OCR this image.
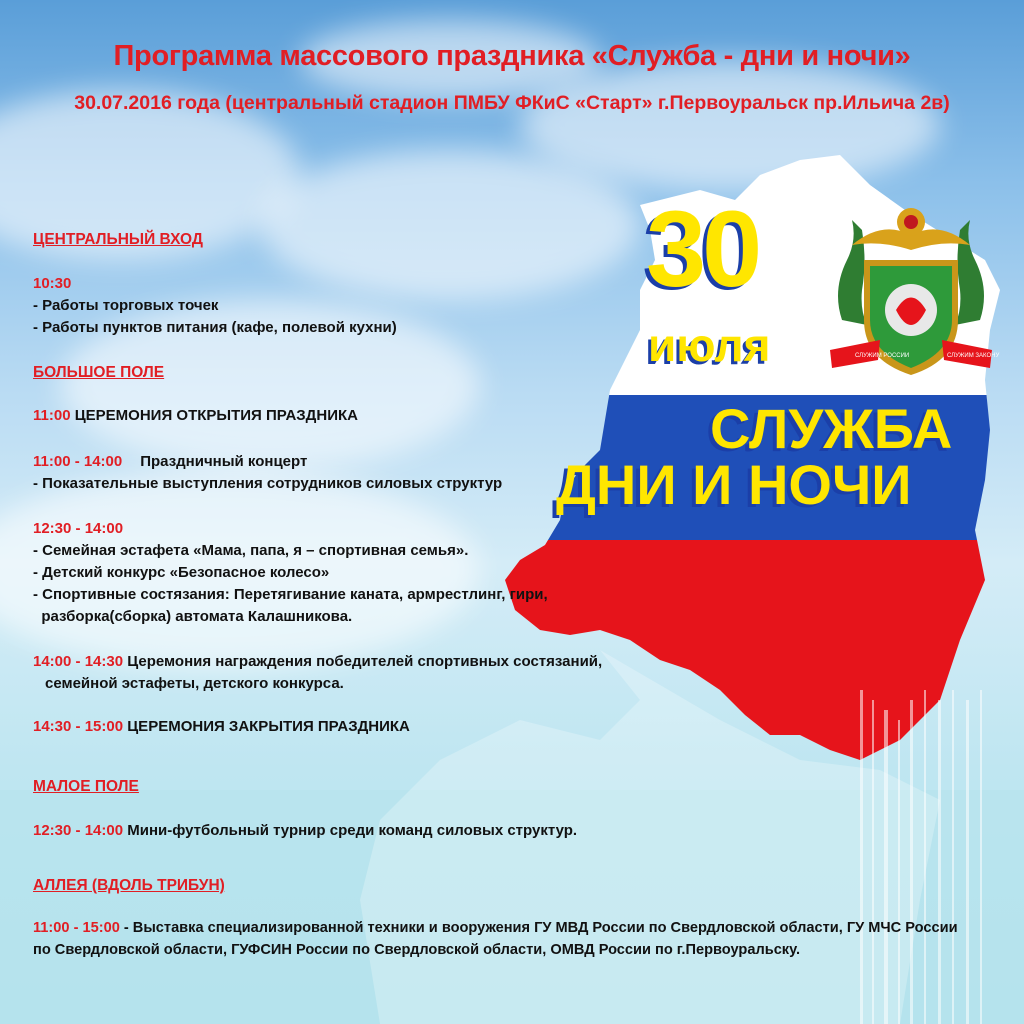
Программа массового праздника «Служба - дни и ночи»
30.07.2016 года (центральный стадион ПМБУ ФКиС «Старт» г.Первоуральск пр.Ильича 2в)
30
июля
СЛУЖБА
ДНИ И НОЧИ
СЛУЖИМ РОССИИ	СЛУЖИМ ЗАКОНУ
ЦЕНТРАЛЬНЫЙ ВХОД
10:30
- Работы торговых точек
- Работы пунктов питания (кафе, полевой кухни)
БОЛЬШОЕ ПОЛЕ
11:00 ЦЕРЕМОНИЯ ОТКРЫТИЯ ПРАЗДНИКА
11:00 - 14:00 Праздничный концерт
- Показательные выступления сотрудников силовых структур
12:30 - 14:00
- Семейная эстафета «Мама, папа, я – спортивная семья».
- Детский конкурс «Безопасное колесо»
- Спортивные состязания: Перетягивание каната, армрестлинг, гири,
разборка(сборка) автомата Калашникова.
14:00 - 14:30 Церемония награждения победителей спортивных состязаний,
семейной эстафеты, детского конкурса.
14:30 - 15:00 ЦЕРЕМОНИЯ ЗАКРЫТИЯ ПРАЗДНИКА
МАЛОЕ ПОЛЕ
12:30 - 14:00 Мини-футбольный турнир среди команд силовых структур.
АЛЛЕЯ (ВДОЛЬ ТРИБУН)
11:00 - 15:00 - Выставка специализированной техники и вооружения ГУ МВД России по Свердловской области, ГУ МЧС России
по Свердловской области, ГУФСИН России по Свердловской области, ОМВД России по г.Первоуральску.
